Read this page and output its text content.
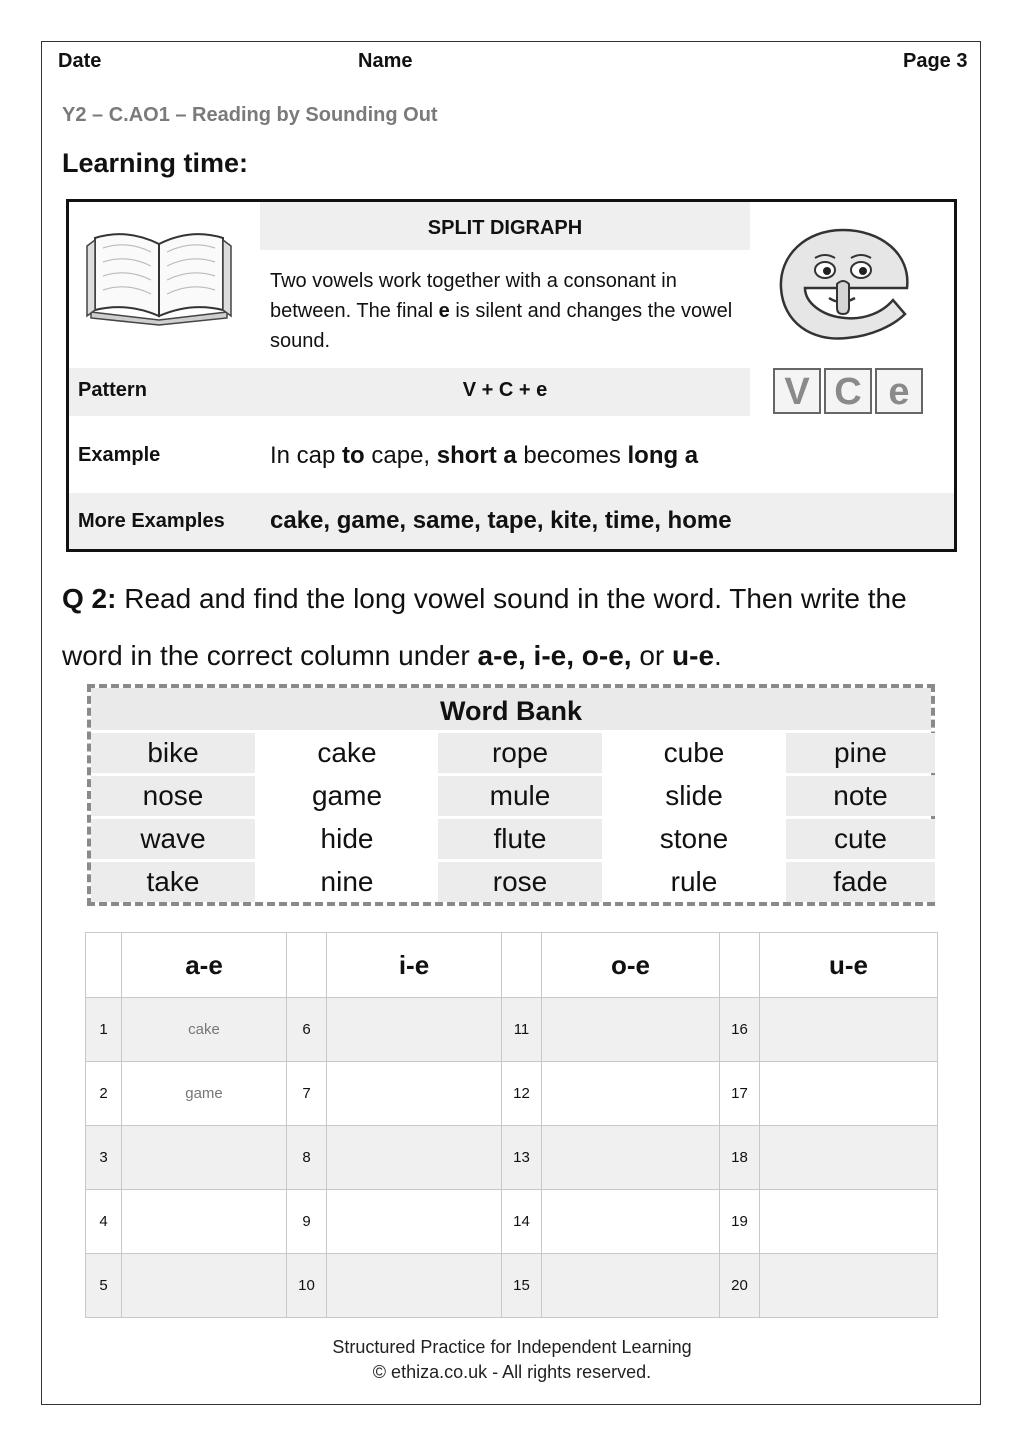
Date	Name	Page 3
Y2 – C.AO1 – Reading by Sounding Out
Learning time:
SPLIT DIGRAPH
Two vowels work together with a consonant in between. The final e is silent and changes the vowel sound.
Pattern	V + C + e	V C e
Example	In cap to cape, short a becomes long a
More Examples cake, game, same, tape, kite, time, home
Q 2: Read and find the long vowel sound in the word. Then write the word in the correct column under a-e, i-e, o-e, or u-e.
Word Bank
bike	cake	rope	cube	pine
nose	game	mule	slide	note
wave	hide	flute	stone	cute
take	nine	rose	rule	fade
	a-e		i-e		o-e		u-e
1	cake	6		11		16	
2	game	7		12		17	
3		8		13		18	
4		9		14		19	
5		10		15		20	
Structured Practice for Independent Learning
© ethiza.co.uk - All rights reserved.
